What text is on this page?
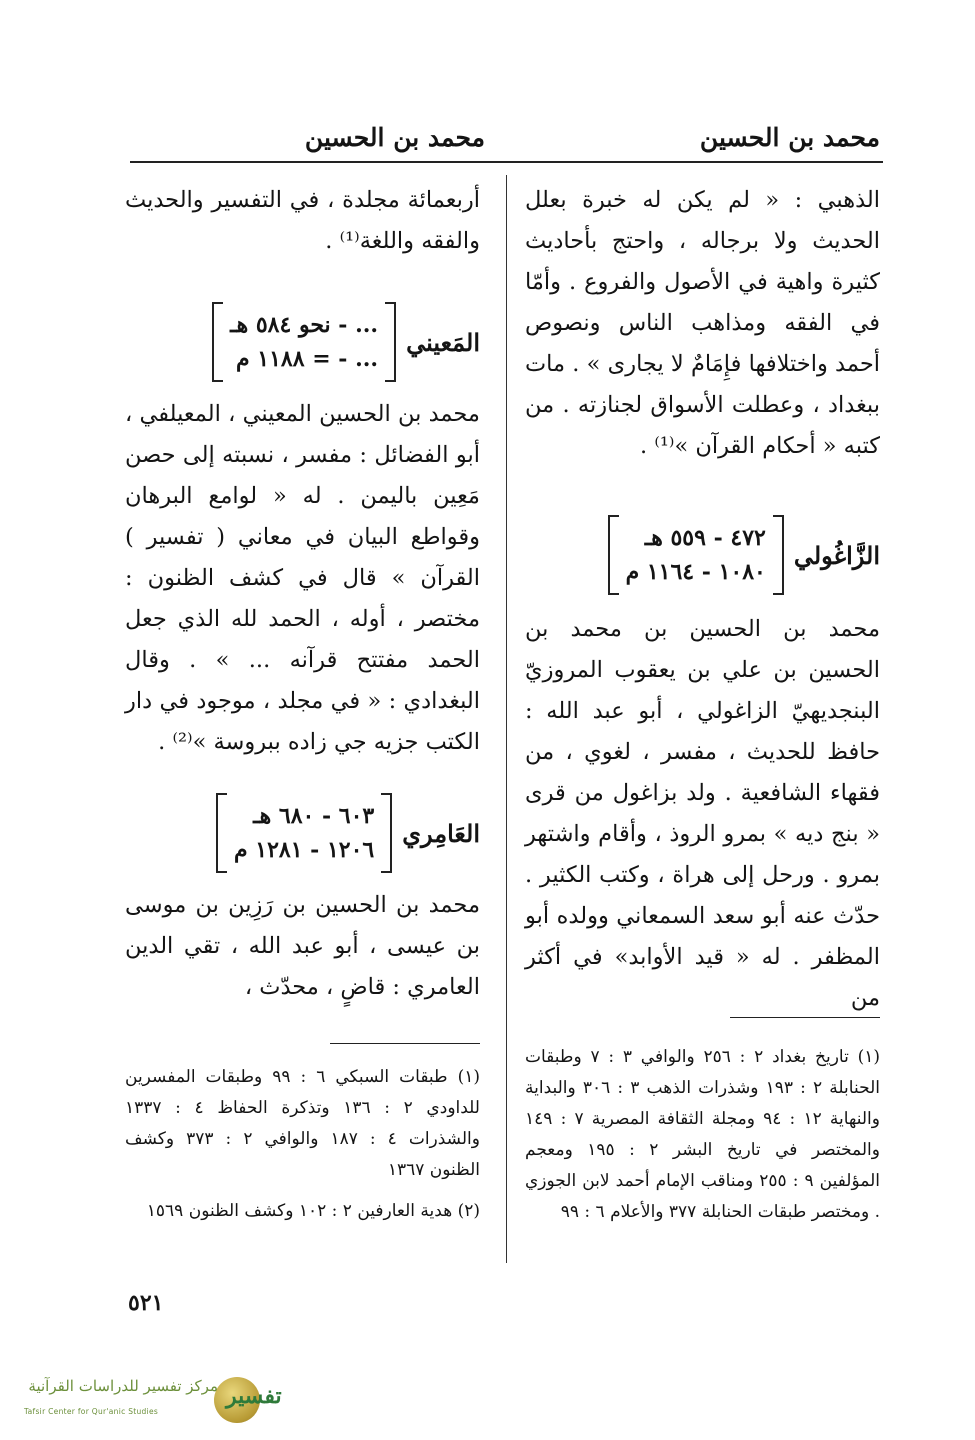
محمد بن الحسين
محمد بن الحسين

الذهبي : « لم يكن له خبرة بعلل الحديث ولا برجاله ، واحتج بأحاديث كثيرة واهية في الأصول والفروع . وأمّا في الفقه ومذاهب الناس ونصوص أحمد واختلافها فإِمَامٌ لا يجارى » . مات ببغداد ، وعطلت الأسواق لجنازته . من كتبه « أحكام القرآن »⁽¹⁾ .

الزَّاغُولي
٤٧٢ - ٥٥٩ هـ
١٠٨٠ - ١١٦٤ م

محمد بن الحسين بن محمد بن الحسين بن علي بن يعقوب المروزيّ البنجديهيّ الزاغولي ، أبو عبد الله : حافظ للحديث ، مفسر ، لغوي ، من فقهاء الشافعية . ولد بزاغول من قرى « بنج ديه » بمرو الروذ ، وأقام واشتهر بمرو . ورحل إلى هراة ، وكتب الكثير . حدّث عنه أبو سعد السمعاني وولده أبو المظفر . له « قيد الأوابد» في أكثر من

أربعمائة مجلدة ، في التفسير والحديث والفقه واللغة⁽¹⁾ .

المَعيني
... - نحو ٥٨٤ هـ
... - = ١١٨٨ م

محمد بن الحسين المعيني ، المعيلفي ، أبو الفضائل : مفسر ، نسبته إلى حصن مَعِين باليمن . له « لوامع البرهان وقواطع البيان في معاني ( تفسير ) القرآن » قال في كشف الظنون : مختصر ، أوله ، الحمد لله الذي جعل الحمد مفتتح قرآنه ... » . وقال البغدادي : « في مجلد ، موجود في دار الكتب جزيه جي زاده ببروسة »⁽²⁾ .

العَامِري
٦٠٣ - ٦٨٠ هـ
١٢٠٦ - ١٢٨١ م

محمد بن الحسين بن رَزِين بن موسى بن عيسى ، أبو عبد الله ، تقي الدين العامري : قاضٍ ، محدّث ،

(١) تاريخ بغداد ٢ : ٢٥٦ والوافي ٣ : ٧ وطبقات الحنابلة ٢ : ١٩٣ وشذرات الذهب ٣ : ٣٠٦ والبداية والنهاية ١٢ : ٩٤ ومجلة الثقافة المصرية ٧ : ١٤٩ والمختصر في تاريخ البشر ٢ : ١٩٥ ومعجم المؤلفين ٩ : ٢٥٥ ومناقب الإمام أحمد لابن الجوزي . ومختصر طبقات الحنابلة ٣٧٧ والأعلام ٦ : ٩٩

(١) طبقات السبكي ٦ : ٩٩ وطبقات المفسرين للداودي ٢ : ١٣٦ وتذكرة الحفاظ ٤ : ١٣٣٧ والشذرات ٤ : ١٨٧ والوافي ٢ : ٣٧٣ وكشف الظنون ١٣٦٧

(٢) هدية العارفين ٢ : ١٠٢ وكشف الظنون ١٥٦٩

٥٢١
تفسير
مركز تفسير للدراسات القرآنية
Tafsir Center for Qur'anic Studies
